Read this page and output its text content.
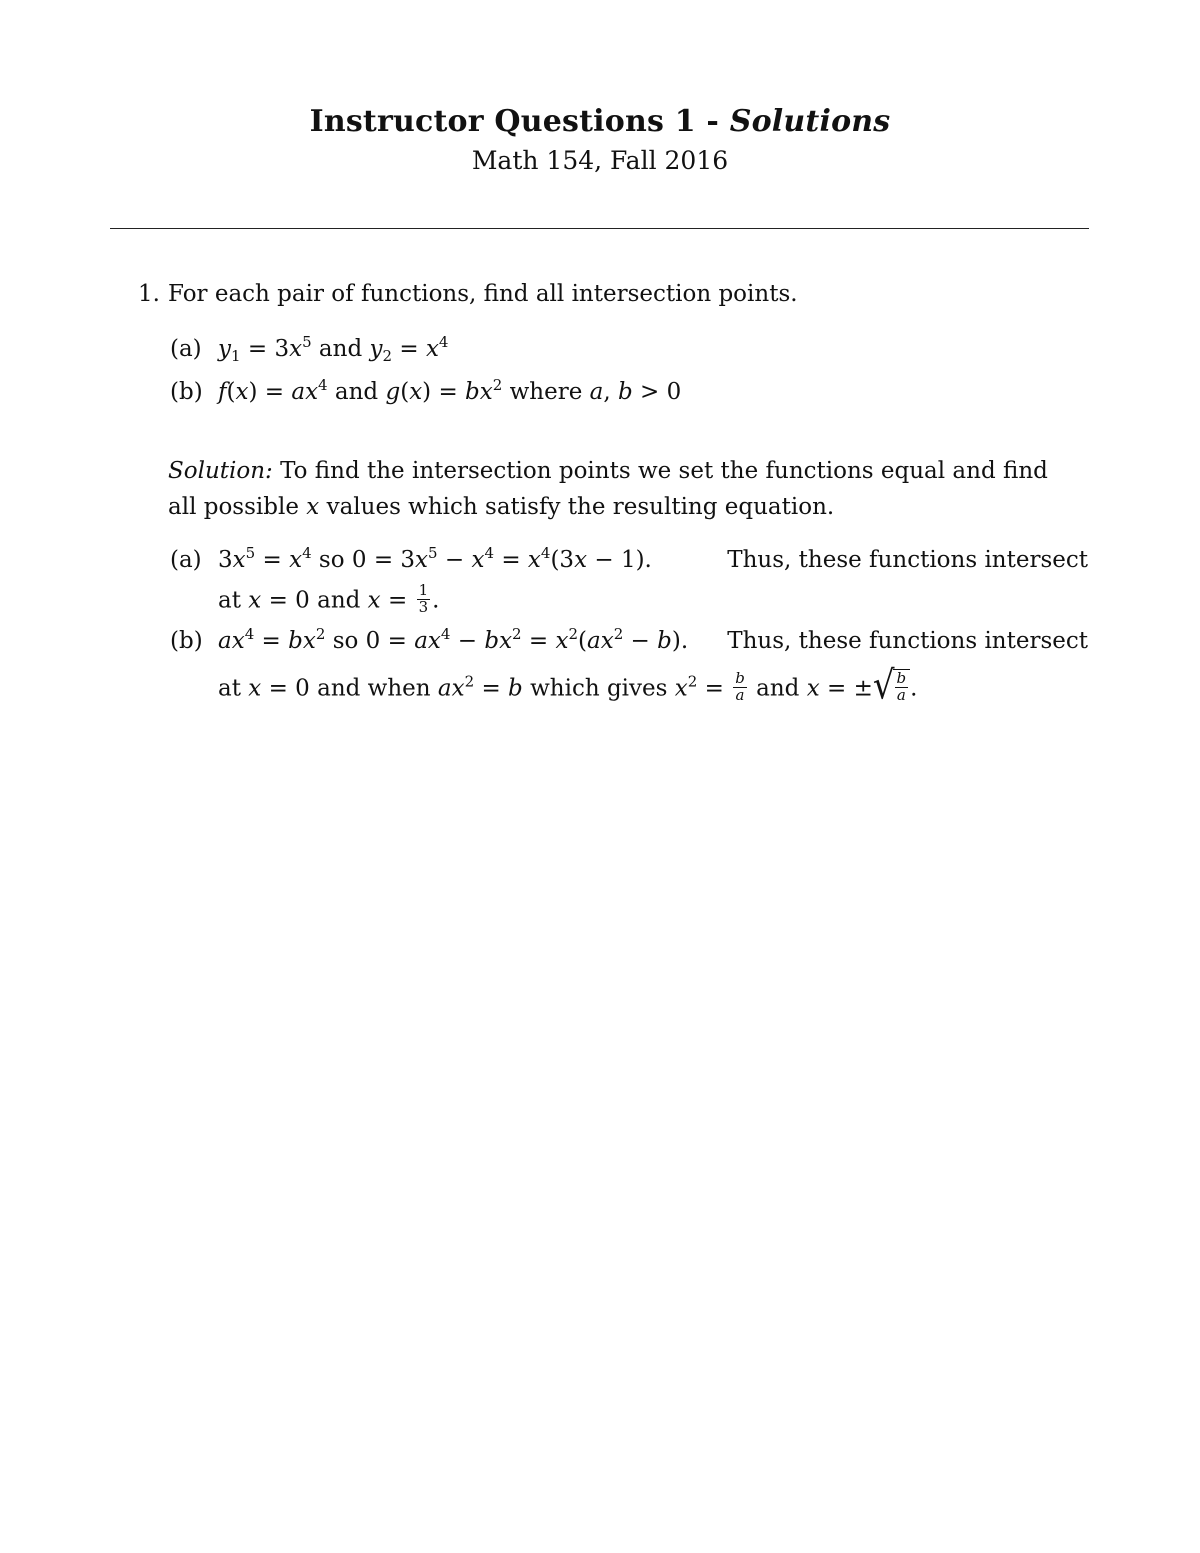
Instructor Questions 1 - Solutions
Math 154, Fall 2016
1. For each pair of functions, find all intersection points.
(a) $y_1 = 3x^5$ and $y_2 = x^4$
(b) $f(x) = ax^4$ and $g(x) = bx^2$ where a, b > 0
Solution: To find the intersection points we set the functions equal and find
all possible x values which satisfy the resulting equation.
(a) $3x^5 = x^4$ so $0 = 3x^5 - x^4 = x^4(3x - 1)$.	Thus, these functions intersect
at x = 0 and $x = \frac{1}{3}$ .
(b) $ax^4 = bx^2$ so $0 = ax^4 - bx^2 = x^2(ax^2 - b)$. Thus, these functions intersect
at x = 0 and when $ax^2 = b$ which gives $x^2 = \frac{b}{a}$ and x = ±√ $\frac{b}{a}$ .
